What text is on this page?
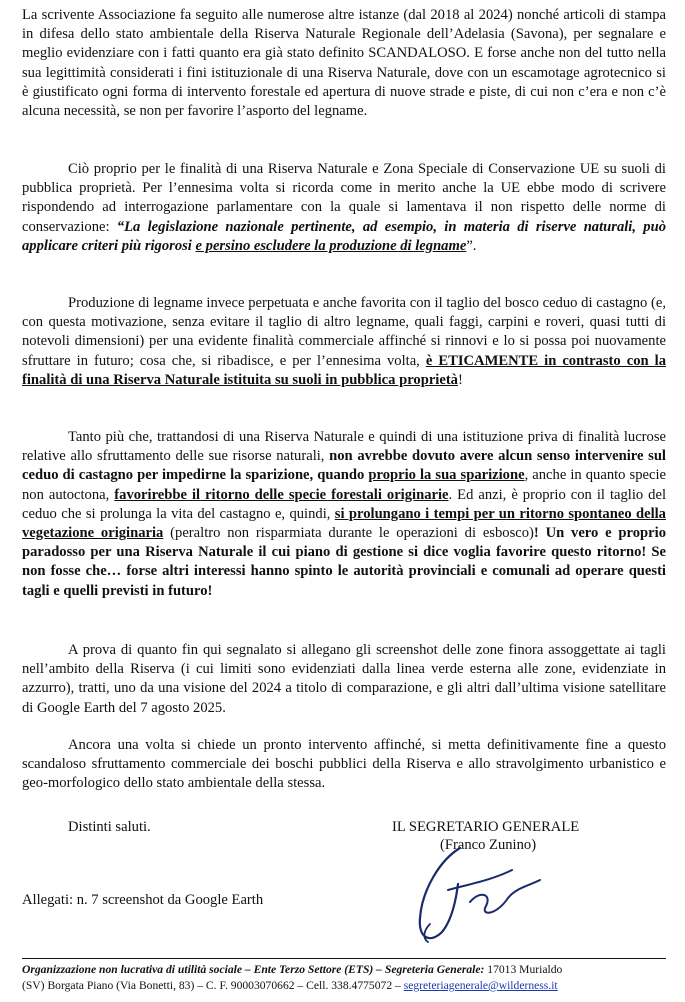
La scrivente Associazione fa seguito alle numerose altre istanze (dal 2018 al 2024) nonché articoli di stampa in difesa dello stato ambientale della Riserva Naturale Regionale dell’Adelasia (Savona), per segnalare e meglio evidenziare con i fatti quanto era già stato definito SCANDALOSO. E forse anche non del tutto nella sua legittimità considerati i fini istituzionale di una Riserva Naturale, dove con un escamotage agrotecnico si è giustificato ogni forma di intervento forestale ed apertura di nuove strade e piste, di cui non c’era e non c’è alcuna necessità, se non per favorire l’asporto del legname.

Ciò proprio per le finalità di una Riserva Naturale e Zona Speciale di Conservazione UE su suoli di pubblica proprietà. Per l’ennesima volta si ricorda come in merito anche la UE ebbe modo di scrivere rispondendo ad interrogazione parlamentare con la quale si lamentava il non rispetto delle norme di conservazione: “La legislazione nazionale pertinente, ad esempio, in materia di riserve naturali, può applicare criteri più rigorosi e persino escludere la produzione di legname”.

Produzione di legname invece perpetuata e anche favorita con il taglio del bosco ceduo di castagno (e, con questa motivazione, senza evitare il taglio di altro legname, quali faggi, carpini e roveri, quasi tutti di notevoli dimensioni) per una evidente finalità commerciale affinché si rinnovi e lo si possa poi nuovamente sfruttare in futuro; cosa che, si ribadisce, e per l’ennesima volta, è ETICAMENTE in contrasto con la finalità di una Riserva Naturale istituita su suoli in pubblica proprietà!

Tanto più che, trattandosi di una Riserva Naturale e quindi di una istituzione priva di finalità lucrose relative allo sfruttamento delle sue risorse naturali, non avrebbe dovuto avere alcun senso intervenire sul ceduo di castagno per impedirne la sparizione, quando proprio la sua sparizione, anche in quanto specie non autoctona, favorirebbe il ritorno delle specie forestali originarie. Ed anzi, è proprio con il taglio del ceduo che si prolunga la vita del castagno e, quindi, si prolungano i tempi per un ritorno spontaneo della vegetazione originaria (peraltro non risparmiata durante le operazioni di esbosco)! Un vero e proprio paradosso per una Riserva Naturale il cui piano di gestione si dice voglia favorire questo ritorno! Se non fosse che… forse altri interessi hanno spinto le autorità provinciali e comunali ad operare questi tagli e quelli previsti in futuro!

A prova di quanto fin qui segnalato si allegano gli screenshot delle zone finora assoggettate ai tagli nell’ambito della Riserva (i cui limiti sono evidenziati dalla linea verde esterna alle zone, evidenziate in azzurro), tratti, uno da una visione del 2024 a titolo di comparazione, e gli altri dall’ultima visione satellitare di Google Earth del 7 agosto 2025.

Ancora una volta si chiede un pronto intervento affinché, si metta definitivamente fine a questo scandaloso sfruttamento commerciale dei boschi pubblici della Riserva e allo stravolgimento urbanistico e geo-morfologico dello stato ambientale della stessa.

Distinti saluti.	IL SEGRETARIO GENERALE
(Franco Zunino)
Allegati: n. 7 screenshot da Google Earth
Organizzazione non lucrativa di utilità sociale – Ente Terzo Settore (ETS) – Segreteria Generale: 17013 Murialdo
(SV) Borgata Piano (Via Bonetti, 83) – C. F. 90003070662 – Cell. 338.4775072 – segreteriagenerale@wilderness.it
